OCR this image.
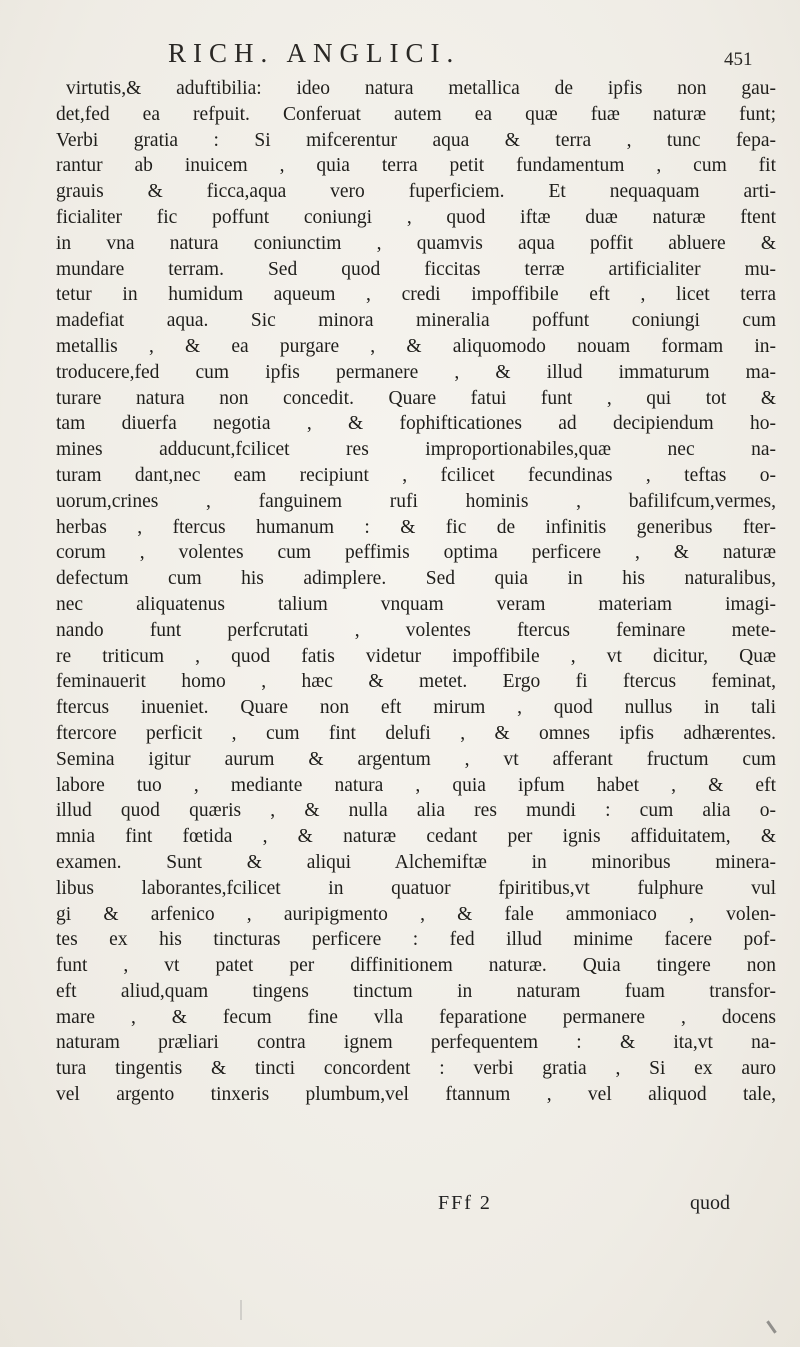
RICH. ANGLICI.	451
virtutis,& aduftibilia: ideo natura metallica de ipfis non gau-
det,fed ea refpuit. Conferuat autem ea quæ fuæ naturæ funt;
Verbi gratia : Si mifcerentur aqua & terra , tunc fepa-
rantur ab inuicem , quia terra petit fundamentum , cum fit
grauis & ficca,aqua vero fuperficiem. Et nequaquam arti-
ficialiter fic poffunt coniungi , quod iftæ duæ naturæ ftent
in vna natura coniunctim , quamvis aqua poffit abluere &
mundare terram. Sed quod ficcitas terræ artificialiter mu-
tetur in humidum aqueum , credi impoffibile eft , licet terra
madefiat aqua. Sic minora mineralia poffunt coniungi cum
metallis , & ea purgare , & aliquomodo nouam formam in-
troducere,fed cum ipfis permanere , & illud immaturum ma-
turare natura non concedit. Quare fatui funt , qui tot &
tam diuerfa negotia , & fophifticationes ad decipiendum ho-
mines adducunt,fcilicet res improportionabiles,quæ nec na-
turam dant,nec eam recipiunt , fcilicet fecundinas , teftas o-
uorum,crines , fanguinem rufi hominis , bafilifcum,vermes,
herbas , ftercus humanum : & fic de infinitis generibus fter-
corum , volentes cum peffimis optima perficere , & naturæ
defectum cum his adimplere. Sed quia in his naturalibus,
nec aliquatenus talium vnquam veram materiam imagi-
nando funt perfcrutati , volentes ftercus feminare mete-
re triticum , quod fatis videtur impoffibile , vt dicitur, Quæ
feminauerit homo , hæc & metet. Ergo fi ftercus feminat,
ftercus inueniet. Quare non eft mirum , quod nullus in tali
ftercore perficit , cum fint delufi , & omnes ipfis adhærentes.
Semina igitur aurum & argentum , vt afferant fructum cum
labore tuo , mediante natura , quia ipfum habet , & eft
illud quod quæris , & nulla alia res mundi : cum alia o-
mnia fint fœtida , & naturæ cedant per ignis affiduitatem, &
examen. Sunt & aliqui Alchemiftæ in minoribus minera-
libus laborantes,fcilicet in quatuor fpiritibus,vt fulphure vul
gi & arfenico , auripigmento , & fale ammoniaco , volen-
tes ex his tincturas perficere : fed illud minime facere pof-
funt , vt patet per diffinitionem naturæ. Quia tingere non
eft aliud,quam tingens tinctum in naturam fuam transfor-
mare , & fecum fine vlla feparatione permanere , docens
naturam præliari contra ignem perfequentem : & ita,vt na-
tura tingentis & tincti concordent : verbi gratia , Si ex auro
vel argento tinxeris plumbum,vel ftannum , vel aliquod tale,
FFf 2	quod
